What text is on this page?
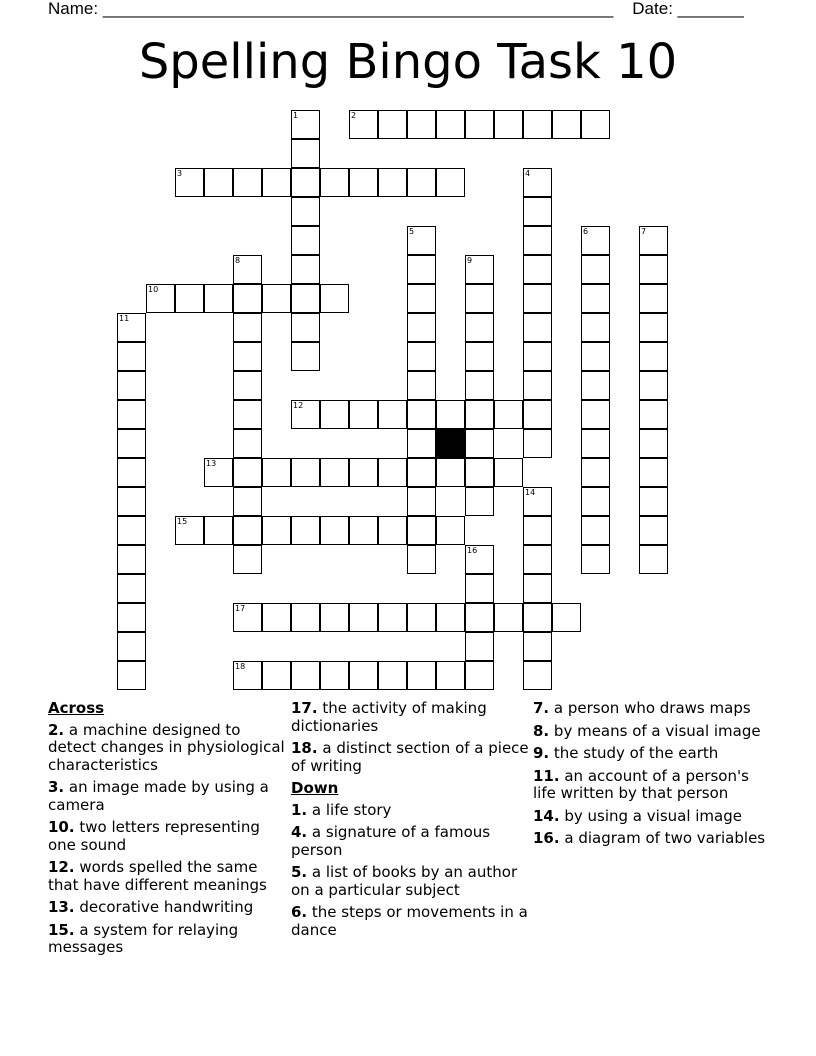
Name: ______________________________________________________ Date: _______
Spelling Bingo Task 10
1	2
3	4
5	6	7
8	9
10
11
12
13
14
15
16
17
18
Across
2. a machine designed to detect changes in physiological characteristics
3. an image made by using a camera
10. two letters representing one sound
12. words spelled the same that have different meanings
13. decorative handwriting
15. a system for relaying messages
17. the activity of making dictionaries
18. a distinct section of a piece of writing
Down
1. a life story
4. a signature of a famous person
5. a list of books by an author on a particular subject
6. the steps or movements in a dance
7. a person who draws maps
8. by means of a visual image
9. the study of the earth
11. an account of a person's life written by that person
14. by using a visual image
16. a diagram of two variables
